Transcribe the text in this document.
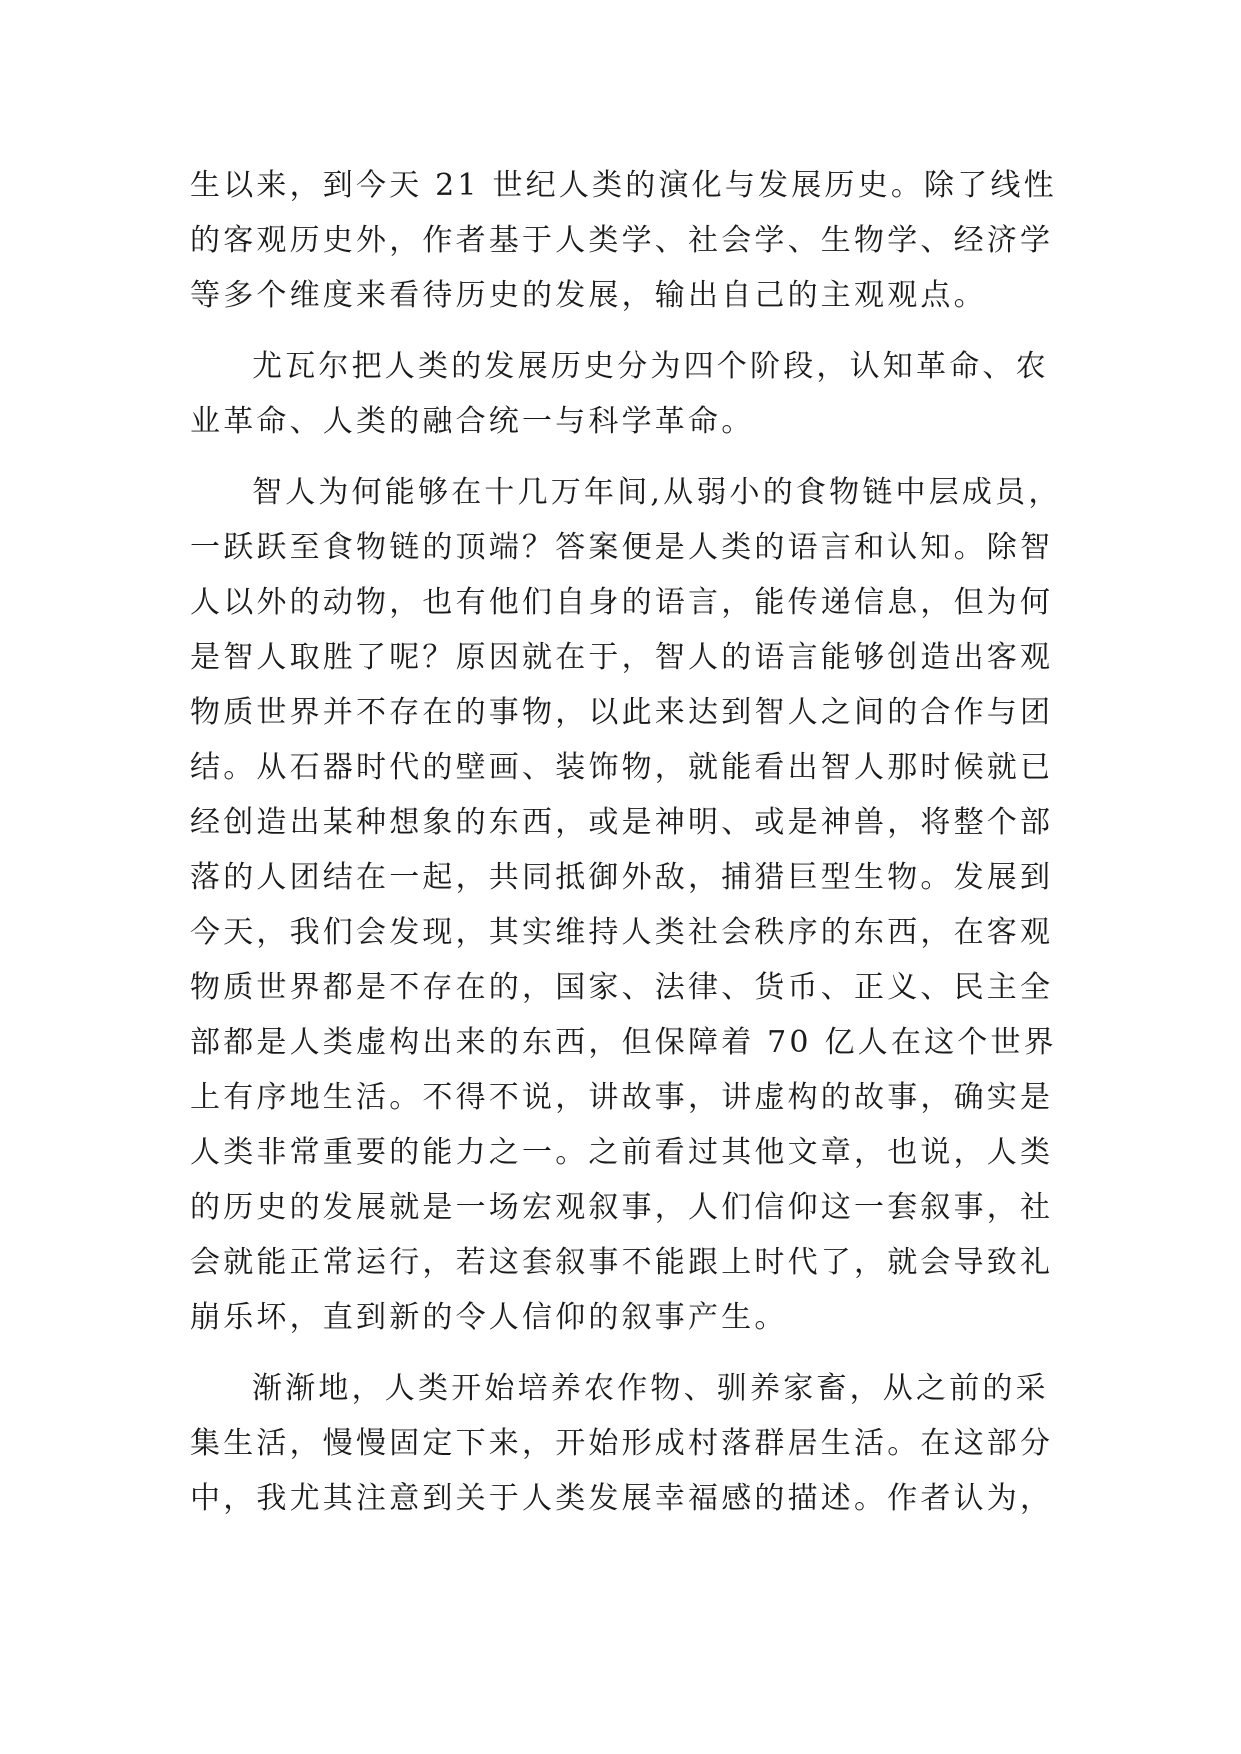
生以来，到今天 21 世纪人类的演化与发展历史。除了线性
的客观历史外，作者基于人类学、社会学、生物学、经济学
等多个维度来看待历史的发展，输出自己的主观观点。
尤瓦尔把人类的发展历史分为四个阶段，认知革命、农
业革命、人类的融合统一与科学革命。
智人为何能够在十几万年间,从弱小的食物链中层成员，
一跃跃至食物链的顶端？答案便是人类的语言和认知。除智
人以外的动物，也有他们自身的语言，能传递信息，但为何
是智人取胜了呢？原因就在于，智人的语言能够创造出客观
物质世界并不存在的事物，以此来达到智人之间的合作与团
结。从石器时代的壁画、装饰物，就能看出智人那时候就已
经创造出某种想象的东西，或是神明、或是神兽，将整个部
落的人团结在一起，共同抵御外敌，捕猎巨型生物。发展到
今天，我们会发现，其实维持人类社会秩序的东西，在客观
物质世界都是不存在的，国家、法律、货币、正义、民主全
部都是人类虚构出来的东西，但保障着 70 亿人在这个世界
上有序地生活。不得不说，讲故事，讲虚构的故事，确实是
人类非常重要的能力之一。之前看过其他文章，也说，人类
的历史的发展就是一场宏观叙事，人们信仰这一套叙事，社
会就能正常运行，若这套叙事不能跟上时代了，就会导致礼
崩乐坏，直到新的令人信仰的叙事产生。
渐渐地，人类开始培养农作物、驯养家畜，从之前的采
集生活，慢慢固定下来，开始形成村落群居生活。在这部分
中，我尤其注意到关于人类发展幸福感的描述。作者认为，
